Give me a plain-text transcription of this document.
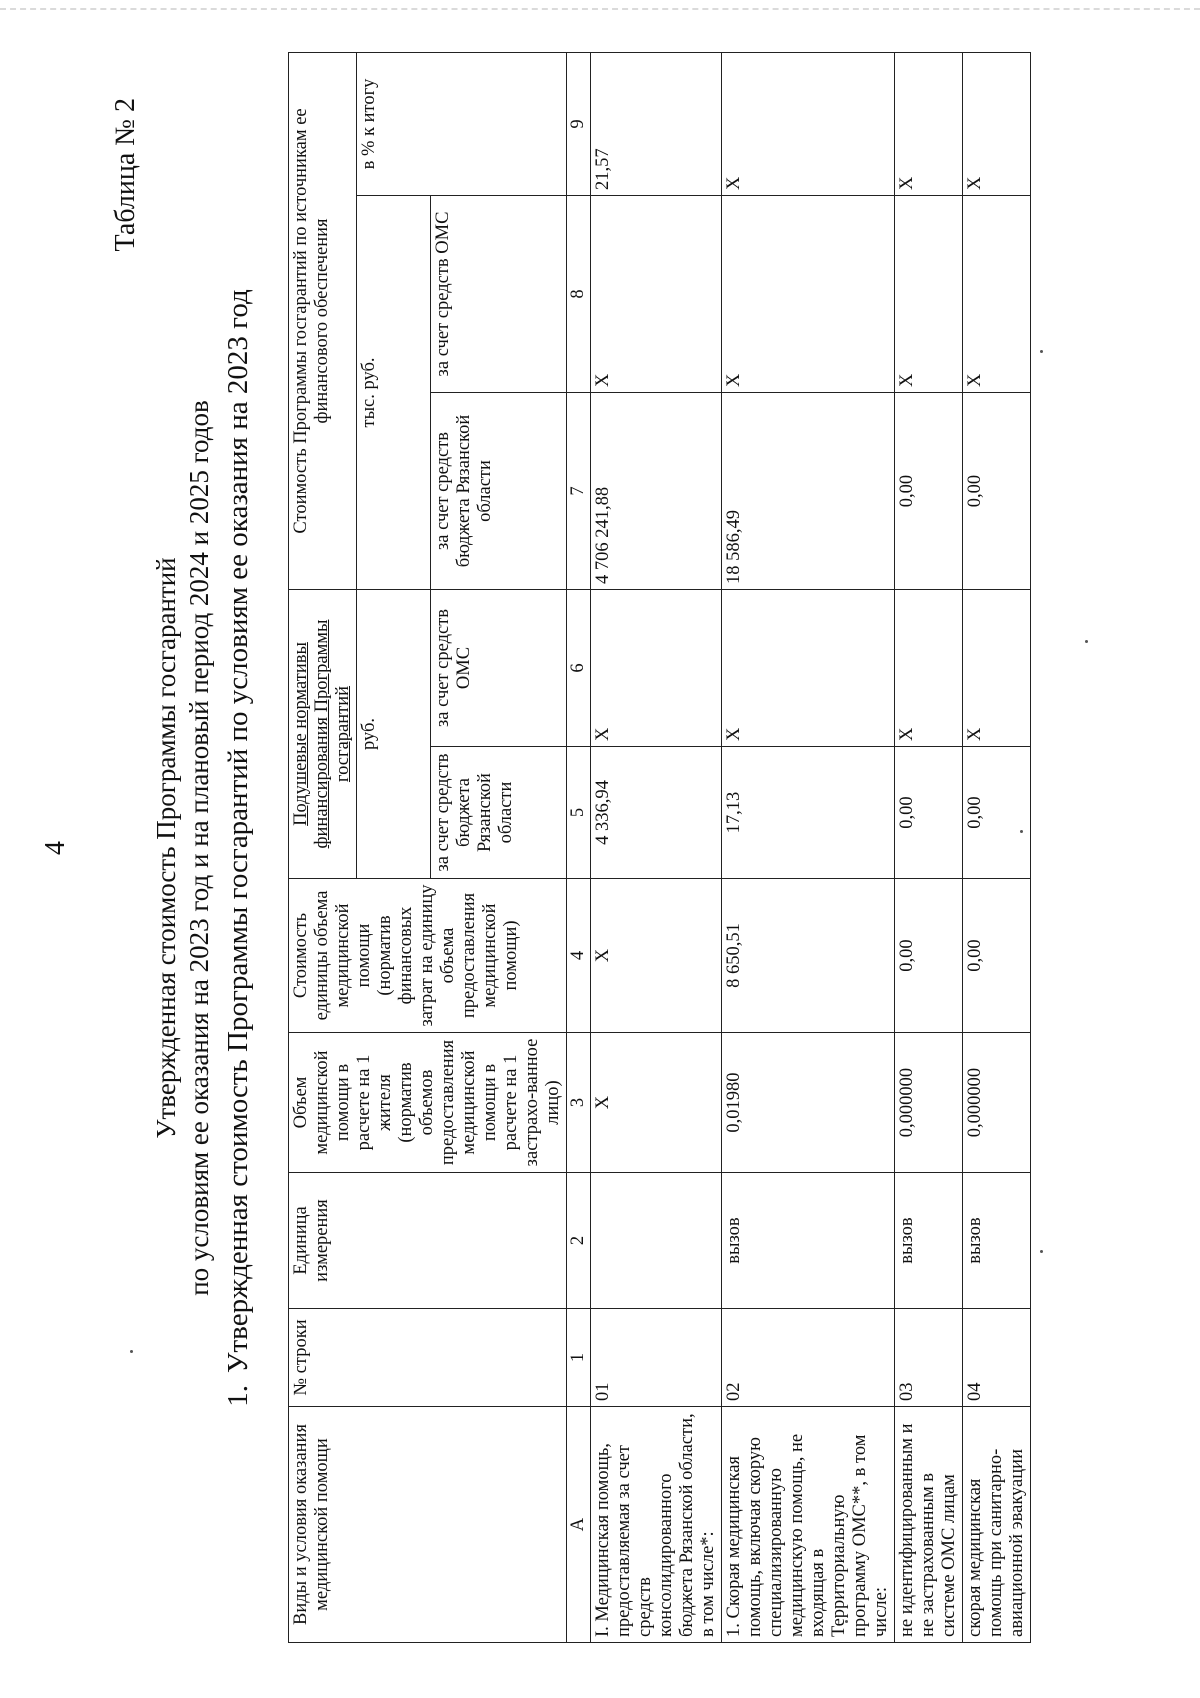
4
Таблица № 2
Утвержденная стоимость Программы госгарантий по условиям ее оказания на 2023 год и на плановый период 2024 и 2025 годов
1.Утвержденная стоимость Программы госгарантий по условиям ее оказания на 2023 год
Виды и условия оказания медицинской помощи	№ строки	Единица измерения	Объем медицинской помощи в расчете на 1 жителя (норматив объемов предоставления медицинской помощи в расчете на 1 застрахо-ванное лицо)	Стоимость единицы объема медицинской помощи (норматив финансовых затрат на единицу объема предоставления медицинской помощи)	Подушевые нормативы финансирования Программы госгарантий		Стоимость Программы госгарантий по источникам ее финансового обеспечения		
					руб.		тыс. руб.		в % к итогу
					за счет средств бюджета Рязанской области	за счет средств ОМС	за счет средств бюджета Рязанской области	за счет средств ОМС	
А	1	2	3	4	5	6	7	8	9
I. Медицинская помощь, предоставляемая за счет средств консолидированного бюджета Рязанской области, в том числе*:	01		Х	Х	4 336,94	Х	4 706 241,88	Х	21,57
1. Скорая медицинская помощь, включая скорую специализированную медицинскую помощь, не входящая в Территориальную программу ОМС**, в том числе:	02	вызов	0,01980	8 650,51	17,13	Х	18 586,49	Х	Х
не идентифицированным и не застрахованным в системе ОМС лицам	03	вызов	0,000000	0,00	0,00	Х	0,00	Х	Х
скорая медицинская помощь при санитарно-авиационной эвакуации	04	вызов	0,000000	0,00	0,00	Х	0,00	Х	Х
